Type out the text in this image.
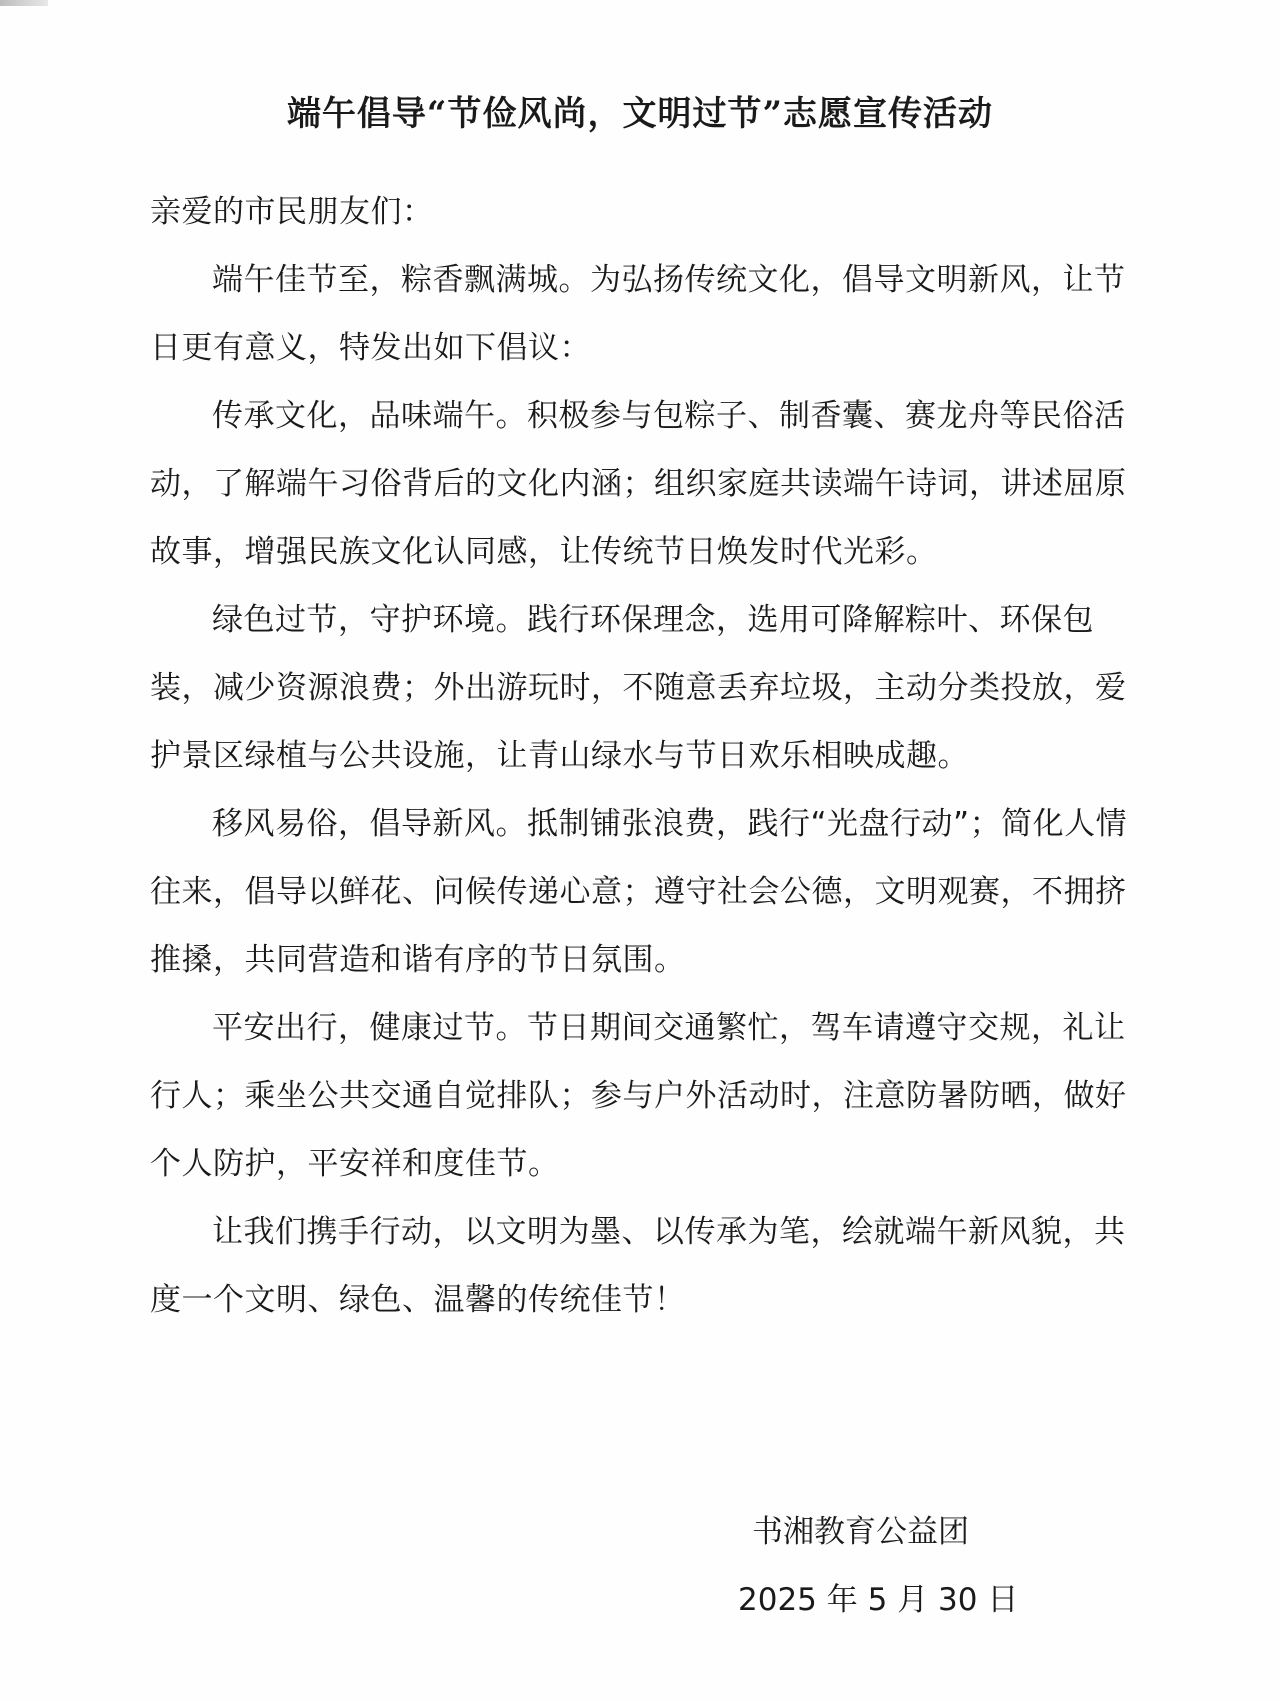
端午倡导“节俭风尚，文明过节”志愿宣传活动

亲爱的市民朋友们：

端午佳节至，粽香飘满城。为弘扬传统文化，倡导文明新风，让节日更有意义，特发出如下倡议：

传承文化，品味端午。积极参与包粽子、制香囊、赛龙舟等民俗活动，了解端午习俗背后的文化内涵；组织家庭共读端午诗词，讲述屈原故事，增强民族文化认同感，让传统节日焕发时代光彩。

绿色过节，守护环境。践行环保理念，选用可降解粽叶、环保包装，减少资源浪费；外出游玩时，不随意丢弃垃圾，主动分类投放，爱护景区绿植与公共设施，让青山绿水与节日欢乐相映成趣。

移风易俗，倡导新风。抵制铺张浪费，践行“光盘行动”；简化人情往来，倡导以鲜花、问候传递心意；遵守社会公德，文明观赛，不拥挤推搡，共同营造和谐有序的节日氛围。

平安出行，健康过节。节日期间交通繁忙，驾车请遵守交规，礼让行人；乘坐公共交通自觉排队；参与户外活动时，注意防暑防晒，做好个人防护，平安祥和度佳节。

让我们携手行动，以文明为墨、以传承为笔，绘就端午新风貌，共度一个文明、绿色、温馨的传统佳节！

书湘教育公益团
2025 年 5 月 30 日
